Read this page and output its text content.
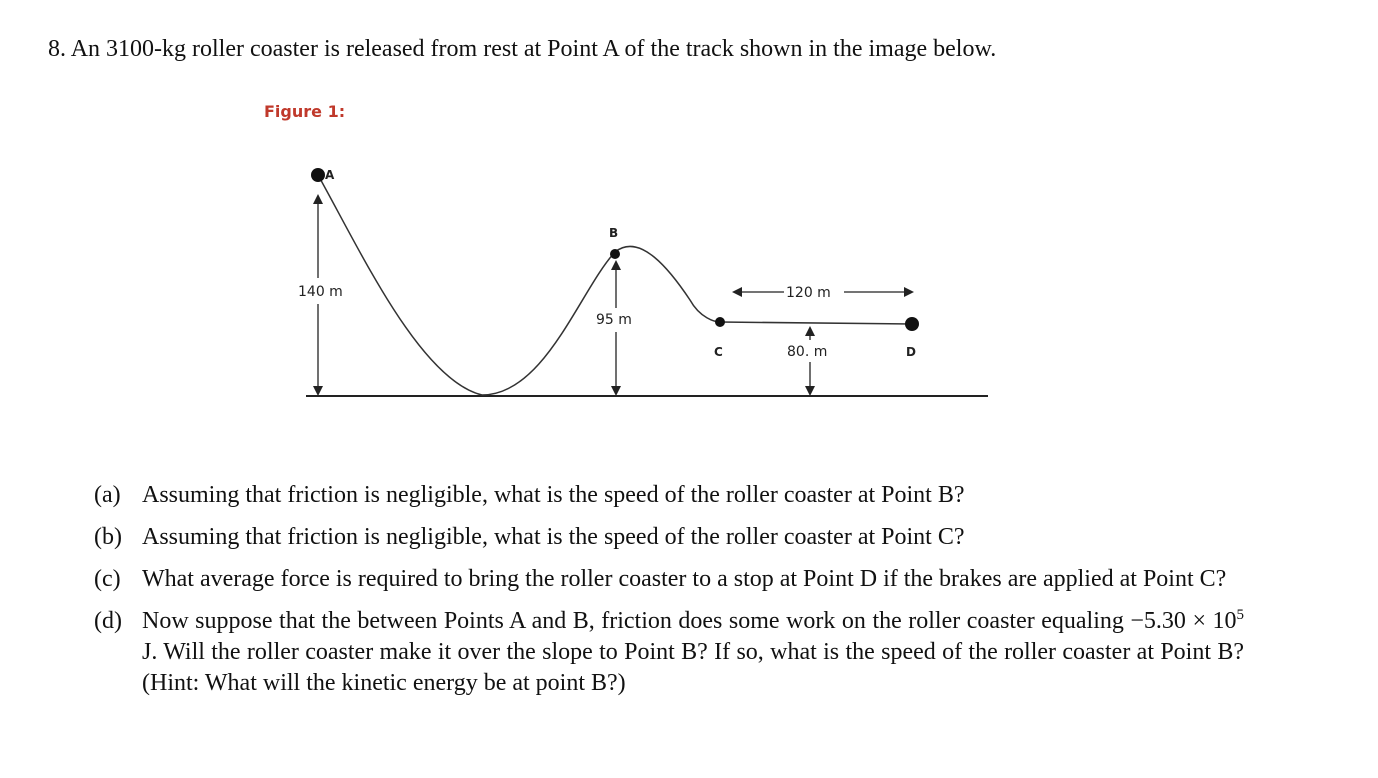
8. An 3100-kg roller coaster is released from rest at Point A of the track shown in the image below.
Figure 1:
A
B
C	D
140 m
95 m
120 m
80. m
(a) Assuming that friction is negligible, what is the speed of the roller coaster at Point B?
(b) Assuming that friction is negligible, what is the speed of the roller coaster at Point C?
(c) What average force is required to bring the roller coaster to a stop at Point D if the brakes are applied at Point C?
(d) Now suppose that the between Points A and B, friction does some work on the roller coaster equaling $-5.30 \times 10^5$ J. Will the roller coaster make it over the slope to Point B? If so, what is the speed of the roller coaster at Point B? (Hint: What will the kinetic energy be at point B?)
